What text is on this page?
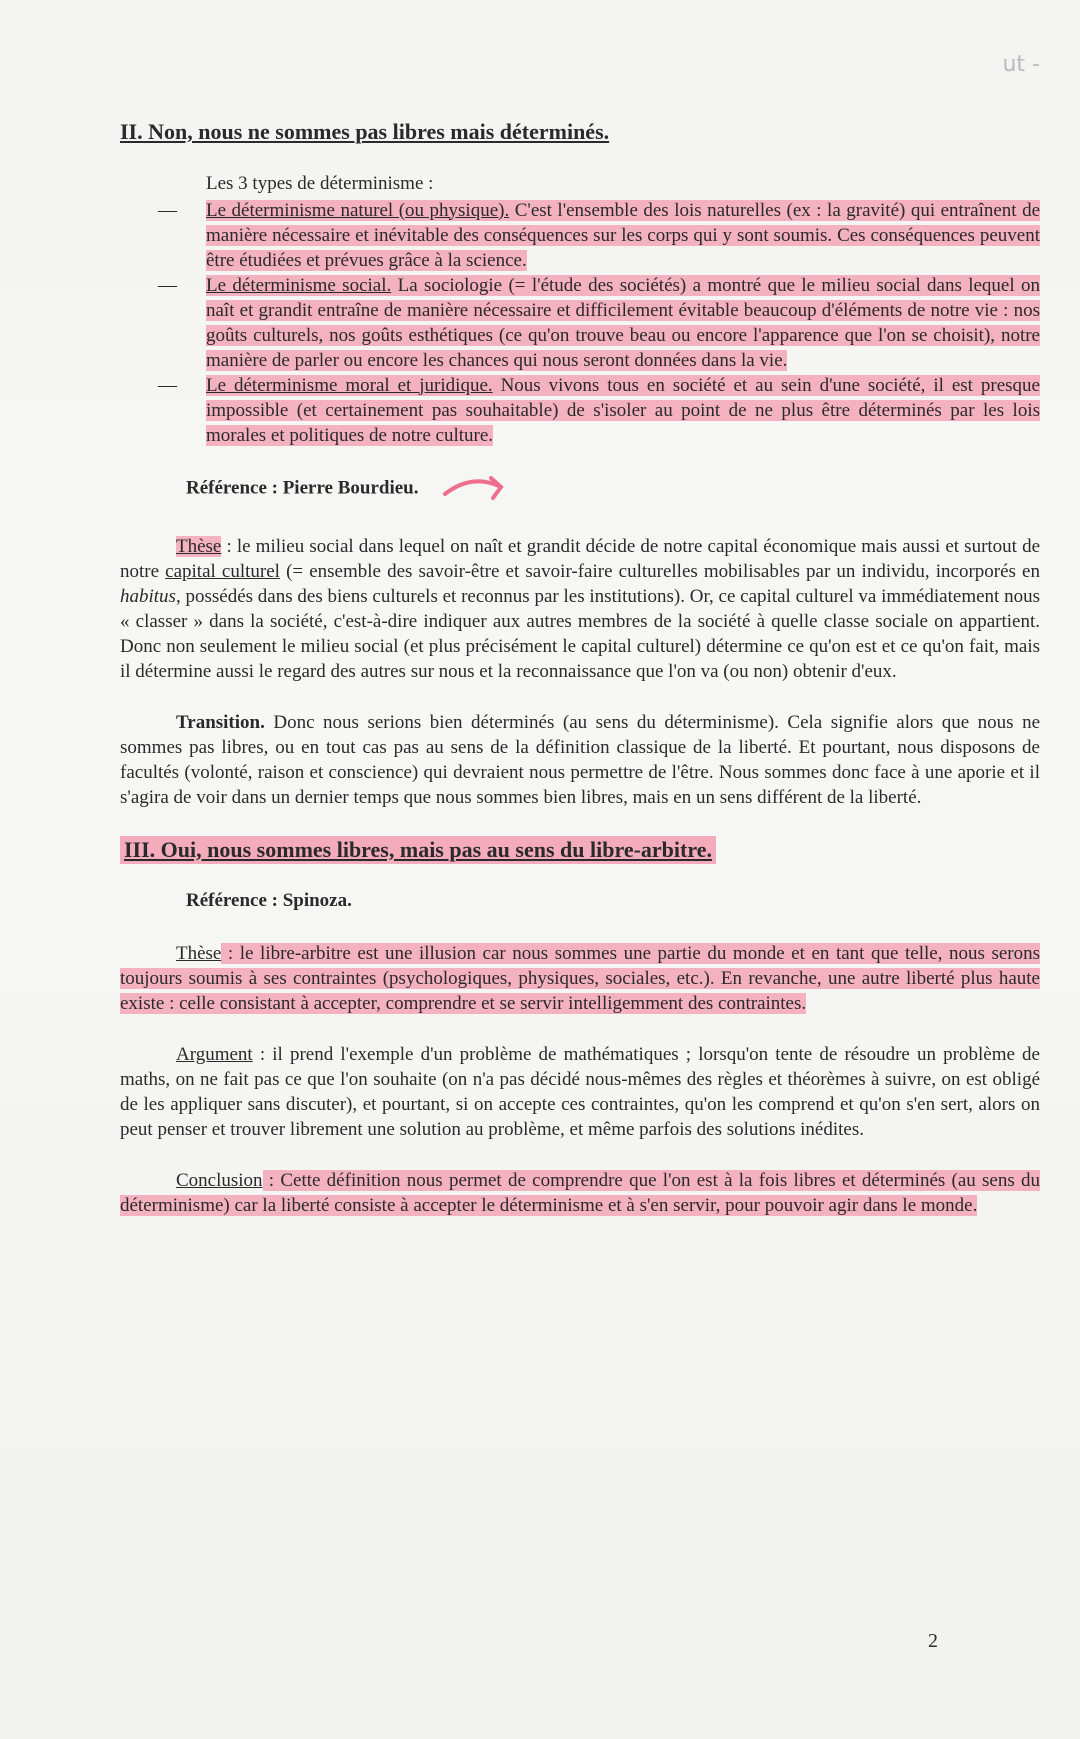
ut -
II. Non, nous ne sommes pas libres mais déterminés.

Les 3 types de déterminisme :

— Le déterminisme naturel (ou physique). C'est l'ensemble des lois naturelles (ex : la gravité) qui entraînent de manière nécessaire et inévitable des conséquences sur les corps qui y sont soumis. Ces conséquences peuvent être étudiées et prévues grâce à la science.
— Le déterminisme social. La sociologie (= l'étude des sociétés) a montré que le milieu social dans lequel on naît et grandit entraîne de manière nécessaire et difficilement évitable beaucoup d'éléments de notre vie : nos goûts culturels, nos goûts esthétiques (ce qu'on trouve beau ou encore l'apparence que l'on se choisit), notre manière de parler ou encore les chances qui nous seront données dans la vie.
— Le déterminisme moral et juridique. Nous vivons tous en société et au sein d'une société, il est presque impossible (et certainement pas souhaitable) de s'isoler au point de ne plus être déterminés par les lois morales et politiques de notre culture.

Référence : Pierre Bourdieu.

Thèse : le milieu social dans lequel on naît et grandit décide de notre capital économique mais aussi et surtout de notre capital culturel (= ensemble des savoir-être et savoir-faire culturelles mobilisables par un individu, incorporés en habitus, possédés dans des biens culturels et reconnus par les institutions). Or, ce capital culturel va immédiatement nous « classer » dans la société, c'est-à-dire indiquer aux autres membres de la société à quelle classe sociale on appartient. Donc non seulement le milieu social (et plus précisément le capital culturel) détermine ce qu'on est et ce qu'on fait, mais il détermine aussi le regard des autres sur nous et la reconnaissance que l'on va (ou non) obtenir d'eux.

Transition. Donc nous serions bien déterminés (au sens du déterminisme). Cela signifie alors que nous ne sommes pas libres, ou en tout cas pas au sens de la définition classique de la liberté. Et pourtant, nous disposons de facultés (volonté, raison et conscience) qui devraient nous permettre de l'être. Nous sommes donc face à une aporie et il s'agira de voir dans un dernier temps que nous sommes bien libres, mais en un sens différent de la liberté.

III. Oui, nous sommes libres, mais pas au sens du libre-arbitre.

Référence : Spinoza.

Thèse : le libre-arbitre est une illusion car nous sommes une partie du monde et en tant que telle, nous serons toujours soumis à ses contraintes (psychologiques, physiques, sociales, etc.). En revanche, une autre liberté plus haute existe : celle consistant à accepter, comprendre et se servir intelligemment des contraintes.

Argument : il prend l'exemple d'un problème de mathématiques ; lorsqu'on tente de résoudre un problème de maths, on ne fait pas ce que l'on souhaite (on n'a pas décidé nous-mêmes des règles et théorèmes à suivre, on est obligé de les appliquer sans discuter), et pourtant, si on accepte ces contraintes, qu'on les comprend et qu'on s'en sert, alors on peut penser et trouver librement une solution au problème, et même parfois des solutions inédites.

Conclusion : Cette définition nous permet de comprendre que l'on est à la fois libres et déterminés (au sens du déterminisme) car la liberté consiste à accepter le déterminisme et à s'en servir, pour pouvoir agir dans le monde.

2
